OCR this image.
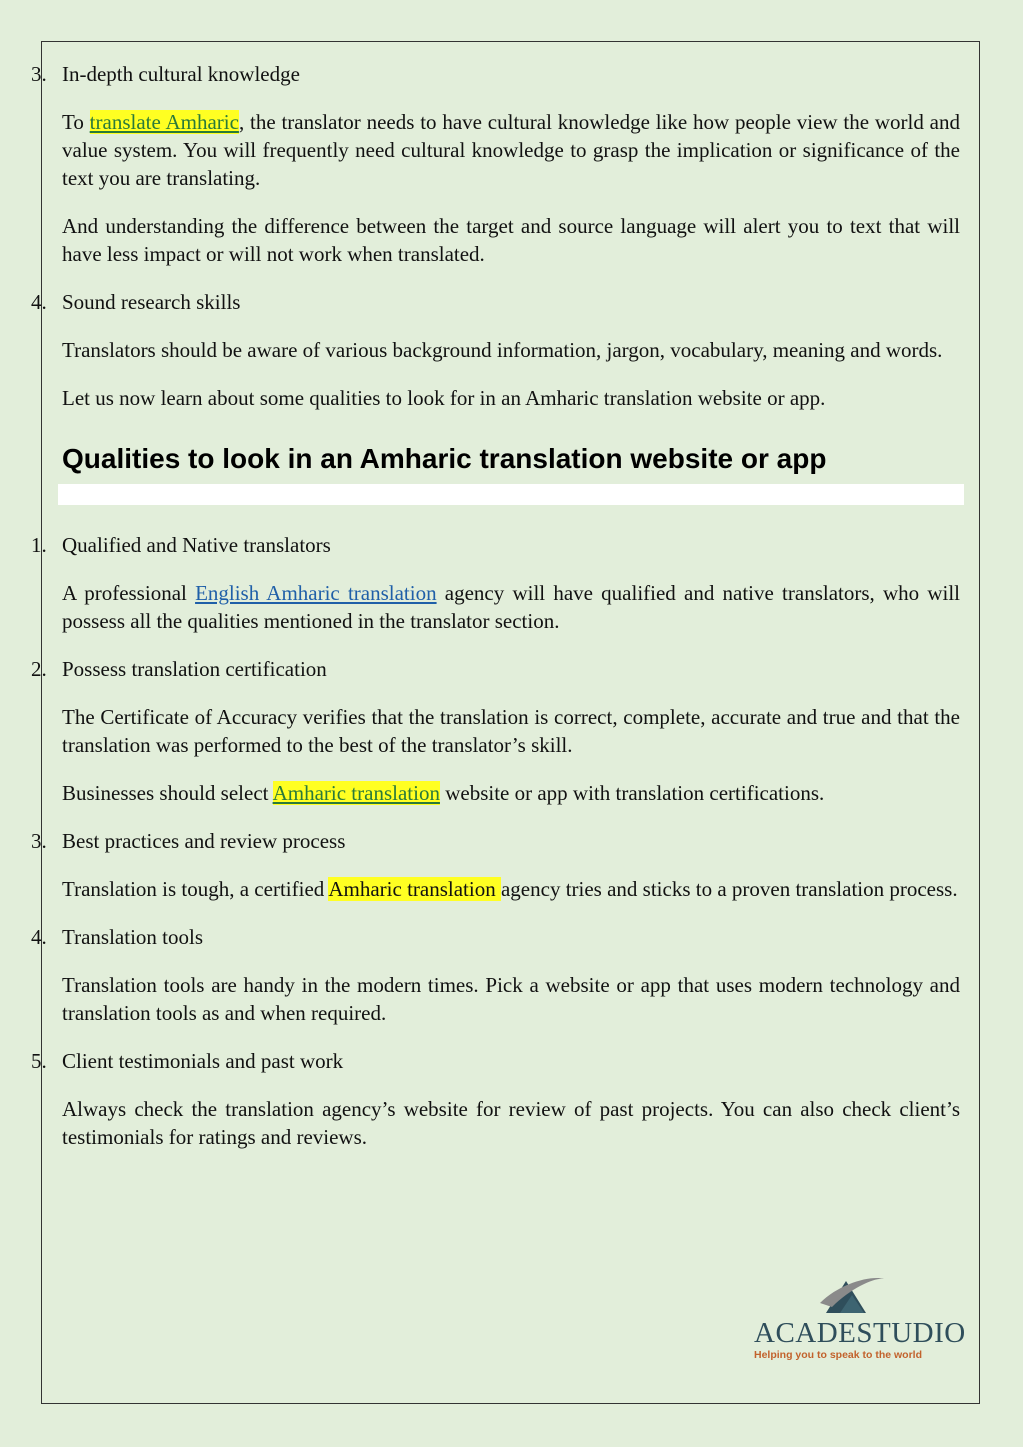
3. In-depth cultural knowledge

To translate Amharic, the translator needs to have cultural knowledge like how people view the world and value system. You will frequently need cultural knowledge to grasp the implication or significance of the text you are translating.

And understanding the difference between the target and source language will alert you to text that will have less impact or will not work when translated.

4. Sound research skills

Translators should be aware of various background information, jargon, vocabulary, meaning and words.

Let us now learn about some qualities to look for in an Amharic translation website or app.

Qualities to look in an Amharic translation website or app
1. Qualified and Native translators

A professional English Amharic translation agency will have qualified and native translators, who will possess all the qualities mentioned in the translator section.

2. Possess translation certification

The Certificate of Accuracy verifies that the translation is correct, complete, accurate and true and that the translation was performed to the best of the translator’s skill.

Businesses should select Amharic translation website or app with translation certifications.

3. Best practices and review process

Translation is tough, a certified Amharic translation agency tries and sticks to a proven translation process.

4. Translation tools

Translation tools are handy in the modern times. Pick a website or app that uses modern technology and translation tools as and when required.

5. Client testimonials and past work

Always check the translation agency’s website for review of past projects. You can also check client’s testimonials for ratings and reviews.

ACADESTUDIO
Helping you to speak to the world
